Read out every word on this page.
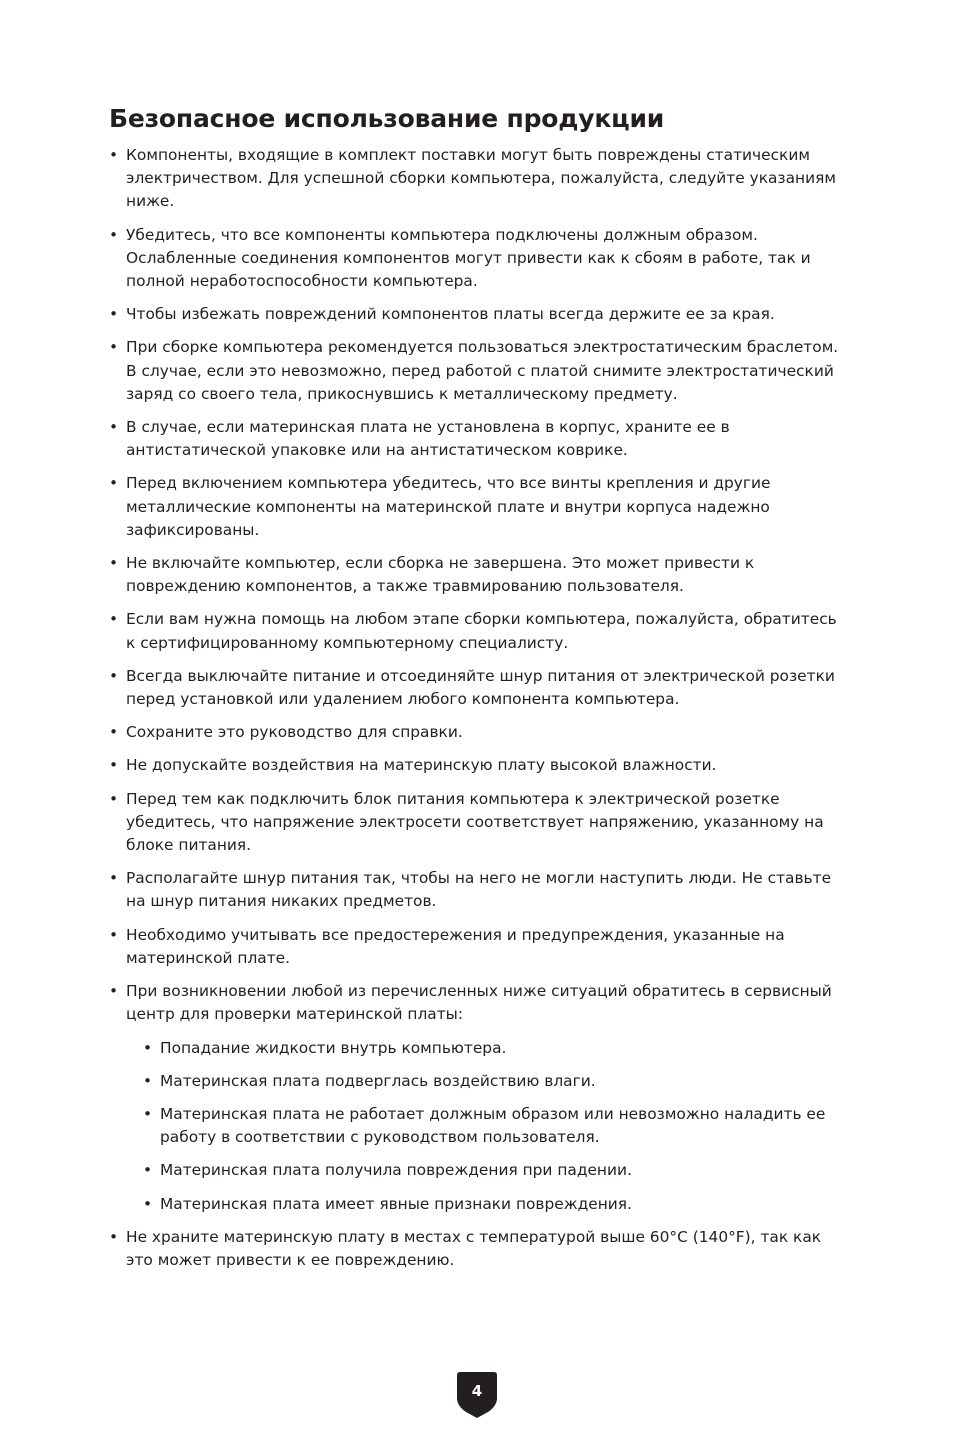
Безопасное использование продукции
• Компоненты, входящие в комплект поставки могут быть повреждены статическим электричеством. Для успешной сборки компьютера, пожалуйста, следуйте указаниям ниже.
• Убедитесь, что все компоненты компьютера подключены должным образом. Ослабленные соединения компонентов могут привести как к сбоям в работе, так и полной неработоспособности компьютера.
• Чтобы избежать повреждений компонентов платы всегда держите ее за края.
• При сборке компьютера рекомендуется пользоваться электростатическим браслетом. В случае, если это невозможно, перед работой с платой снимите электростатический заряд со своего тела, прикоснувшись к металлическому предмету.
• В случае, если материнская плата не установлена в корпус, храните ее в антистатической упаковке или на антистатическом коврике.
• Перед включением компьютера убедитесь, что все винты крепления и другие металлические компоненты на материнской плате и внутри корпуса надежно зафиксированы.
• Не включайте компьютер, если сборка не завершена. Это может привести к повреждению компонентов, а также травмированию пользователя.
• Если вам нужна помощь на любом этапе сборки компьютера, пожалуйста, обратитесь к сертифицированному компьютерному специалисту.
• Всегда выключайте питание и отсоединяйте шнур питания от электрической розетки перед установкой или удалением любого компонента компьютера.
• Сохраните это руководство для справки.
• Не допускайте воздействия на материнскую плату высокой влажности.
• Перед тем как подключить блок питания компьютера к электрической розетке убедитесь, что напряжение электросети соответствует напряжению, указанному на блоке питания.
• Располагайте шнур питания так, чтобы на него не могли наступить люди. Не ставьте на шнур питания никаких предметов.
• Необходимо учитывать все предостережения и предупреждения, указанные на материнской плате.
• При возникновении любой из перечисленных ниже ситуаций обратитесь в сервисный центр для проверки материнской платы:
• Попадание жидкости внутрь компьютера.
• Материнская плата подверглась воздействию влаги.
• Материнская плата не работает должным образом или невозможно наладить ее работу в соответствии с руководством пользователя.
• Материнская плата получила повреждения при падении.
• Материнская плата имеет явные признаки повреждения.
• Не храните материнскую плату в местах с температурой выше 60°C (140°F), так как это может привести к ее повреждению.
4
